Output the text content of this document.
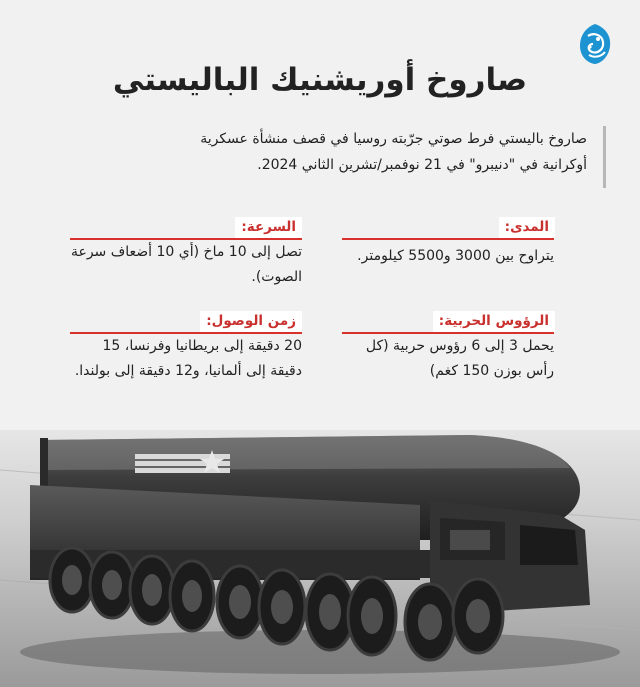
صاروخ أوريشنيك الباليستي
صاروخ باليستي فرط صوتي جرّبته روسيا في قصف منشأة عسكرية أوكرانية في "دنيبرو" في 21 نوفمبر/تشرين الثاني 2024.
المدى:
يتراوح بين 3000 و5500 كيلومتر.
السرعة:
تصل إلى 10 ماخ (أي 10 أضعاف سرعة الصوت).
الرؤوس الحربية:
يحمل 3 إلى 6 رؤوس حربية (كل رأس بوزن 150 كغم)
زمن الوصول:
20 دقيقة إلى بريطانيا وفرنسا، 15 دقيقة إلى ألمانيا، و12 دقيقة إلى بولندا.
